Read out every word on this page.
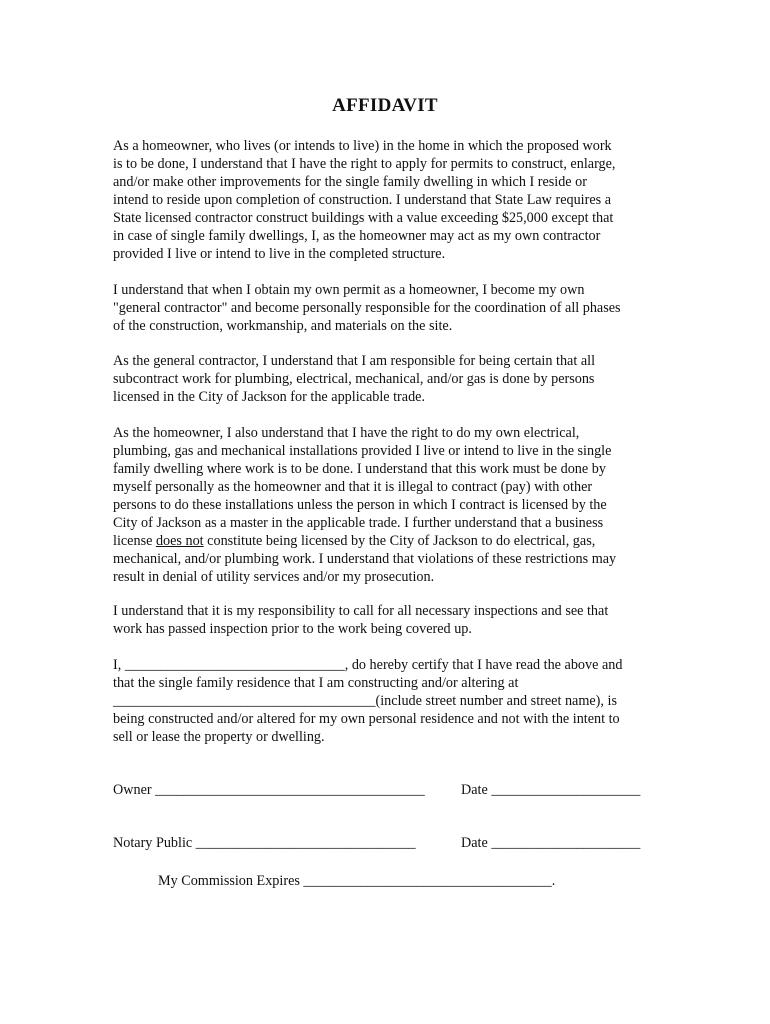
AFFIDAVIT
As a homeowner, who lives (or intends to live) in the home in which the proposed work
is to be done, I understand that I have the right to apply for permits to construct, enlarge,
and/or make other improvements for the single family dwelling in which I reside or
intend to reside upon completion of construction. I understand that State Law requires a
State licensed contractor construct buildings with a value exceeding $25,000 except that
in case of single family dwellings, I, as the homeowner may act as my own contractor
provided I live or intend to live in the completed structure.
I understand that when I obtain my own permit as a homeowner, I become my own
"general contractor" and become personally responsible for the coordination of all phases
of the construction, workmanship, and materials on the site.
As the general contractor, I understand that I am responsible for being certain that all
subcontract work for plumbing, electrical, mechanical, and/or gas is done by persons
licensed in the City of Jackson for the applicable trade.
As the homeowner, I also understand that I have the right to do my own electrical,
plumbing, gas and mechanical installations provided I live or intend to live in the single
family dwelling where work is to be done. I understand that this work must be done by
myself personally as the homeowner and that it is illegal to contract (pay) with other
persons to do these installations unless the person in which I contract is licensed by the
City of Jackson as a master in the applicable trade. I further understand that a business
license does not constitute being licensed by the City of Jackson to do electrical, gas,
mechanical, and/or plumbing work. I understand that violations of these restrictions may
result in denial of utility services and/or my prosecution.
I understand that it is my responsibility to call for all necessary inspections and see that
work has passed inspection prior to the work being covered up.
I, _______________________________, do hereby certify that I have read the above and
that the single family residence that I am constructing and/or altering at
_____________________________________(include street number and street name), is
being constructed and/or altered for my own personal residence and not with the intent to
sell or lease the property or dwelling.
Owner ______________________________________	Date _____________________
Notary Public _______________________________	Date _____________________
My Commission Expires ___________________________________.
